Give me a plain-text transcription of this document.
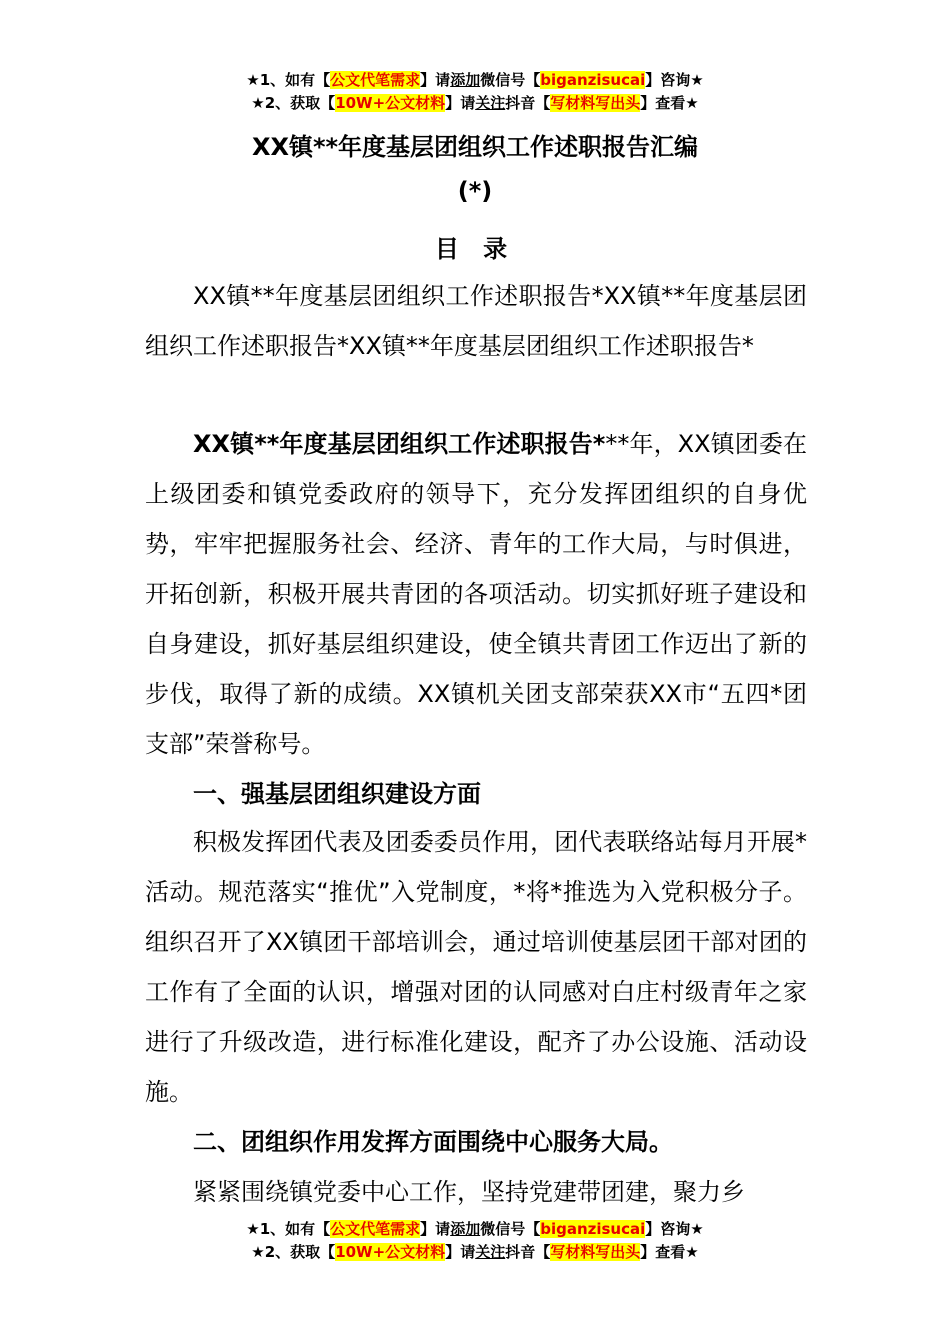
★1、如有【公文代笔需求】请添加微信号【biganzisucai】咨询★
★2、获取【10W+公文材料】请关注抖音【写材料写出头】查看★
XX镇**年度基层团组织工作述职报告汇编
(*)
目 录

XX镇**年度基层团组织工作述职报告*XX镇**年度基层团组织工作述职报告*XX镇**年度基层团组织工作述职报告*

XX镇**年度基层团组织工作述职报告***年，XX镇团委在上级团委和镇党委政府的领导下，充分发挥团组织的自身优势，牢牢把握服务社会、经济、青年的工作大局，与时俱进，开拓创新，积极开展共青团的各项活动。切实抓好班子建设和自身建设，抓好基层组织建设，使全镇共青团工作迈出了新的步伐，取得了新的成绩。XX镇机关团支部荣获XX市“五四*团支部”荣誉称号。

一、强基层团组织建设方面

积极发挥团代表及团委委员作用，团代表联络站每月开展*活动。规范落实“推优”入党制度，*将*推选为入党积极分子。组织召开了XX镇团干部培训会，通过培训使基层团干部对团的工作有了全面的认识，增强对团的认同感对白庄村级青年之家进行了升级改造，进行标准化建设，配齐了办公设施、活动设施。

二、团组织作用发挥方面围绕中心服务大局。

紧紧围绕镇党委中心工作，坚持党建带团建，聚力乡

★1、如有【公文代笔需求】请添加微信号【biganzisucai】咨询★
★2、获取【10W+公文材料】请关注抖音【写材料写出头】查看★
